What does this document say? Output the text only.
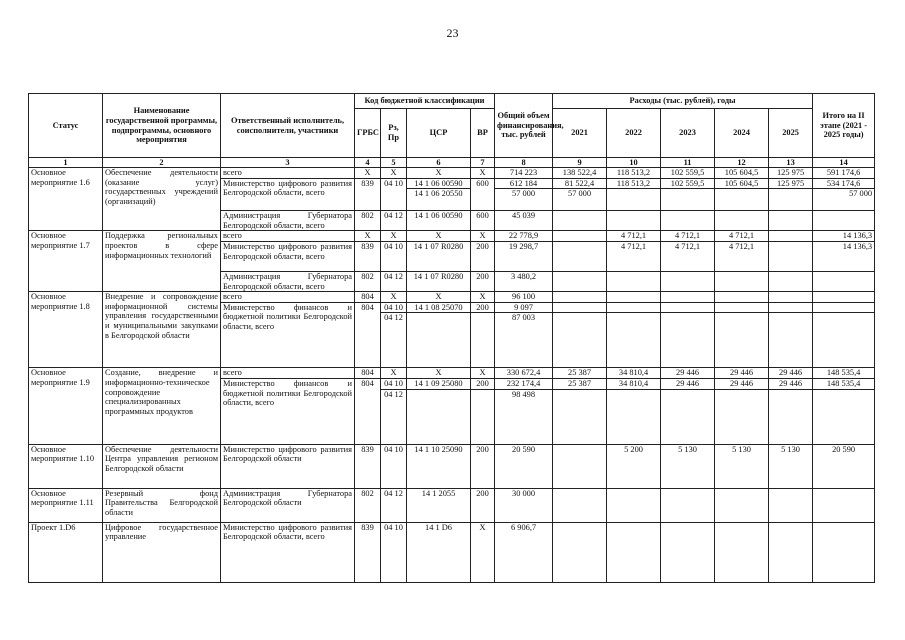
23
Статус	Наименование государственной программы, подпрограммы, основного мероприятия	Ответственный исполнитель, соисполнители, участники	Код бюджетной классификации				Общий объем финансирования, тыс. рублей	Расходы (тыс. рублей), годы					Итого на II этапе (2021 - 2025 годы)
			ГРБС	Рз, Пр	ЦСР	ВР		2021	2022	2023	2024	2025	
1	2	3	4	5	6	7	8	9	10	11	12	13	14
Основное мероприятие 1.6	Обеспечение деятельности (оказание услуг) государственных учреждений (организаций)	всего	Х	Х	Х	Х	714 223	138 522,4	118 513,2	102 559,5	105 604,5	125 975	591 174,6
		Министерство цифрового развития Белгородской области, всего	839	04 10	14 1 06 00590	600	612 184	81 522,4	118 513,2	102 559,5	105 604,5	125 975	534 174,6
					14 1 06 20550		57 000	57 000					57 000
		Администрация Губернатора Белгородской области, всего	802	04 12	14 1 06 00590	600	45 039						
Основное мероприятие 1.7	Поддержка региональных проектов в сфере информационных технологий	всего	Х	Х	Х	Х	22 778,9		4 712,1	4 712,1	4 712,1		14 136,3
		Министерство цифрового развития Белгородской области, всего	839	04 10	14 1 07 R0280	200	19 298,7		4 712,1	4 712,1	4 712,1		14 136,3
		Администрация Губернатора Белгородской области, всего	802	04 12	14 1 07 R0280	200	3 480,2						
Основное мероприятие 1.8	Внедрение и сопровождение информационной системы управления государственными и муниципальными закупками в Белгородской области	всего	804	Х	Х	Х	96 100						
		Министерство финансов и бюджетной политики Белгородской области, всего	804	04 10	14 1 08 25070	200	9 097						
				04 12			87 003						
Основное мероприятие 1.9	Создание, внедрение и информационно-техническое сопровождение специализированных программных продуктов	всего	804	Х	Х	Х	330 672,4	25 387	34 810,4	29 446	29 446	29 446	148 535,4
		Министерство финансов и бюджетной политики Белгородской области, всего	804	04 10	14 1 09 25080	200	232 174,4	25 387	34 810,4	29 446	29 446	29 446	148 535,4
				04 12			98 498						
Основное мероприятие 1.10	Обеспечение деятельности Центра управления регионом Белгородской области	Министерство цифрового развития Белгородской области	839	04 10	14 1 10 25090	200	20 590		5 200	5 130	5 130	5 130	20 590
Основное мероприятие 1.11	Резервный фонд Правительства Белгородской области	Администрация Губернатора Белгородской области	802	04 12	14 1 2055	200	30 000						
Проект 1.D6	Цифровое государственное управление	Министерство цифрового развития Белгородской области, всего	839	04 10	14 1 D6	Х	6 906,7						
